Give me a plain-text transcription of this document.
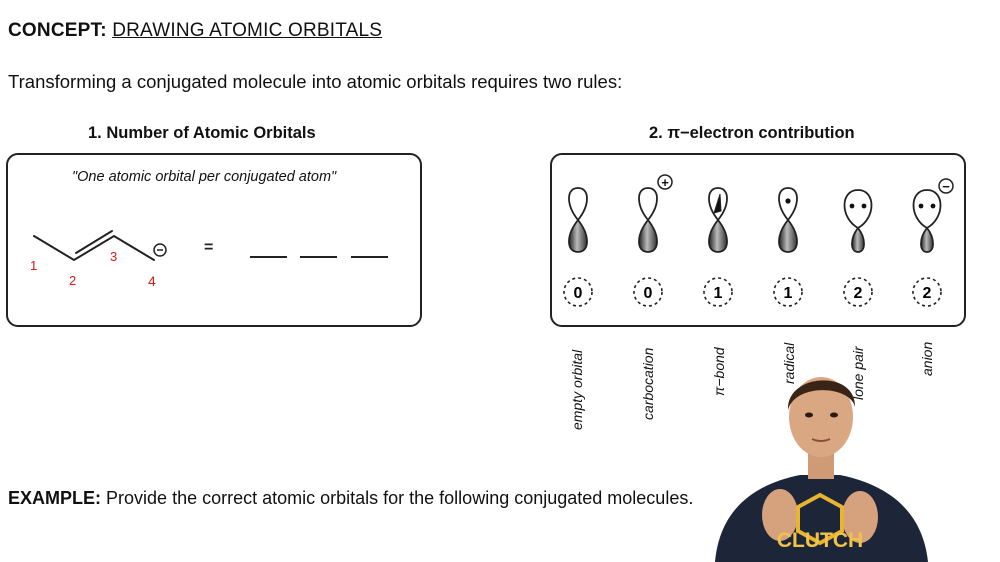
CONCEPT: DRAWING ATOMIC ORBITALS
Transforming a conjugated molecule into atomic orbitals requires two rules:
1. Number of Atomic Orbitals
"One atomic orbital per conjugated atom"
1
2
3
4
=
2. π−electron contribution
+	−
0	0	1	1	2	2
empty orbital	carbocation	π−bond	radical	lone pair	anion
EXAMPLE: Provide the correct atomic orbitals for the following conjugated molecules.
CLUTCH
